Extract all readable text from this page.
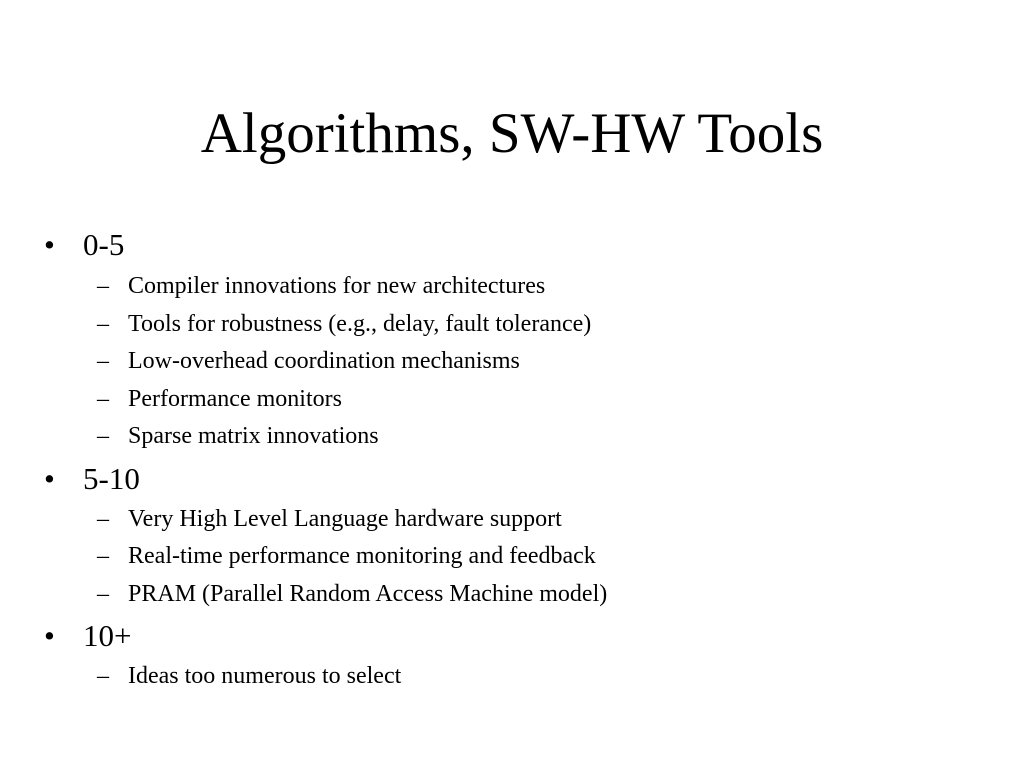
Algorithms, SW-HW Tools
• 0-5
– Compiler innovations for new architectures
– Tools for robustness (e.g., delay, fault tolerance)
– Low-overhead coordination mechanisms
– Performance monitors
– Sparse matrix innovations
• 5-10
– Very High Level Language hardware support
– Real-time performance monitoring and feedback
– PRAM (Parallel Random Access Machine model)
• 10+
– Ideas too numerous to select
